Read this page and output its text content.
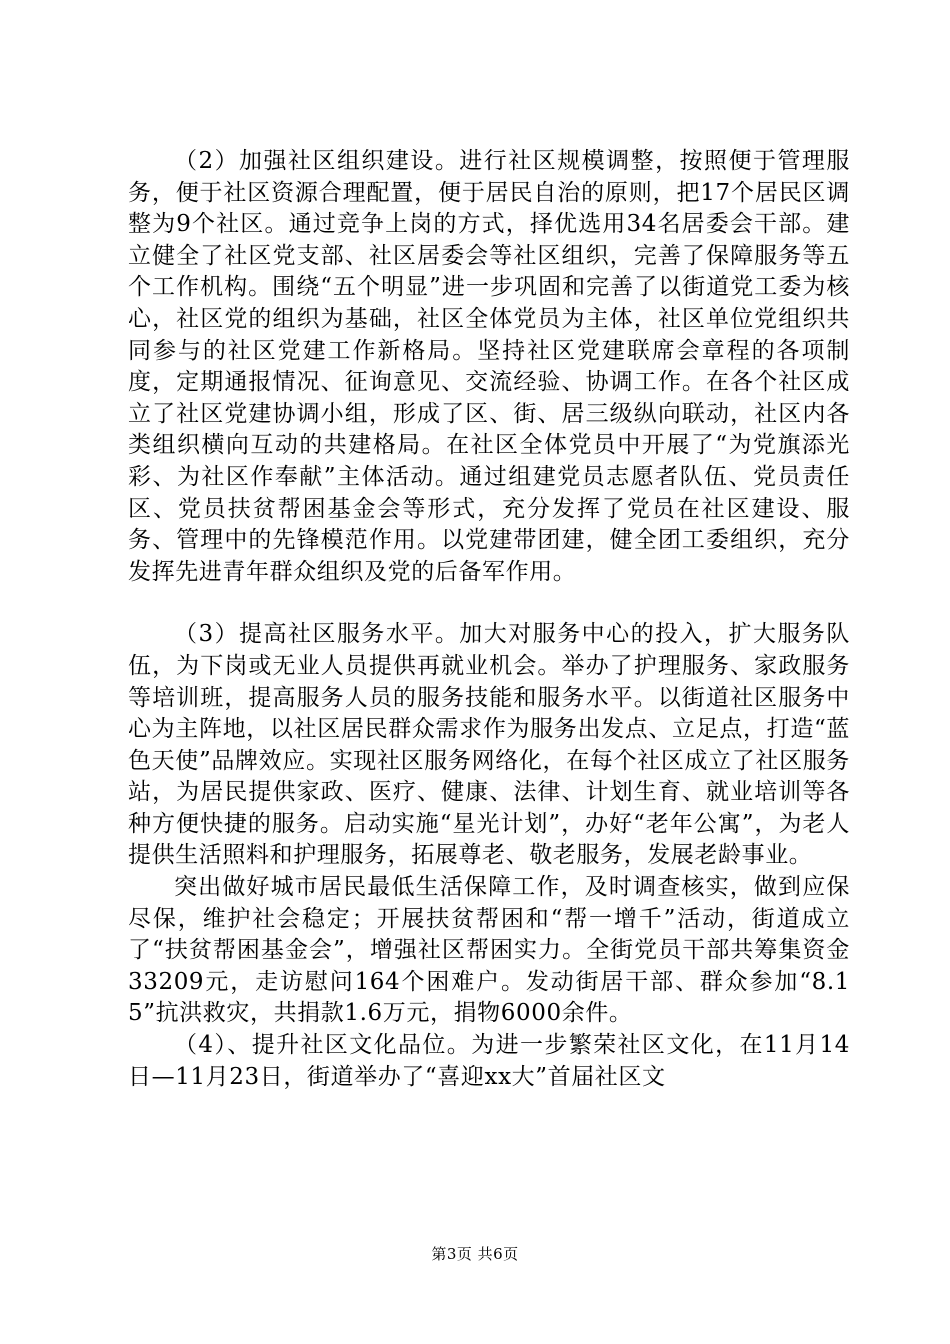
（2）加强社区组织建设。进行社区规模调整，按照便于管理服务，便于社区资源合理配置，便于居民自治的原则，把17个居民区调整为9个社区。通过竞争上岗的方式，择优选用34名居委会干部。建立健全了社区党支部、社区居委会等社区组织，完善了保障服务等五个工作机构。围绕“五个明显”进一步巩固和完善了以街道党工委为核心，社区党的组织为基础，社区全体党员为主体，社区单位党组织共同参与的社区党建工作新格局。坚持社区党建联席会章程的各项制度，定期通报情况、征询意见、交流经验、协调工作。在各个社区成立了社区党建协调小组，形成了区、街、居三级纵向联动，社区内各类组织横向互动的共建格局。在社区全体党员中开展了“为党旗添光彩、为社区作奉献”主体活动。通过组建党员志愿者队伍、党员责任区、党员扶贫帮困基金会等形式，充分发挥了党员在社区建设、服务、管理中的先锋模范作用。以党建带团建，健全团工委组织，充分发挥先进青年群众组织及党的后备军作用。

（3）提高社区服务水平。加大对服务中心的投入，扩大服务队伍，为下岗或无业人员提供再就业机会。举办了护理服务、家政服务等培训班，提高服务人员的服务技能和服务水平。以街道社区服务中心为主阵地，以社区居民群众需求作为服务出发点、立足点，打造“蓝色天使”品牌效应。实现社区服务网络化，在每个社区成立了社区服务站，为居民提供家政、医疗、健康、法律、计划生育、就业培训等各种方便快捷的服务。启动实施“星光计划”，办好“老年公寓”，为老人提供生活照料和护理服务，拓展尊老、敬老服务，发展老龄事业。

突出做好城市居民最低生活保障工作，及时调查核实，做到应保尽保，维护社会稳定；开展扶贫帮困和“帮一增千”活动，街道成立了“扶贫帮困基金会”，增强社区帮困实力。全街党员干部共筹集资金33209元，走访慰问164个困难户。发动街居干部、群众参加“8.15”抗洪救灾，共捐款1.6万元，捐物6000余件。

（4）、提升社区文化品位。为进一步繁荣社区文化，在11月14日—11月23日，街道举办了“喜迎xx大”首届社区文

第3页 共6页
